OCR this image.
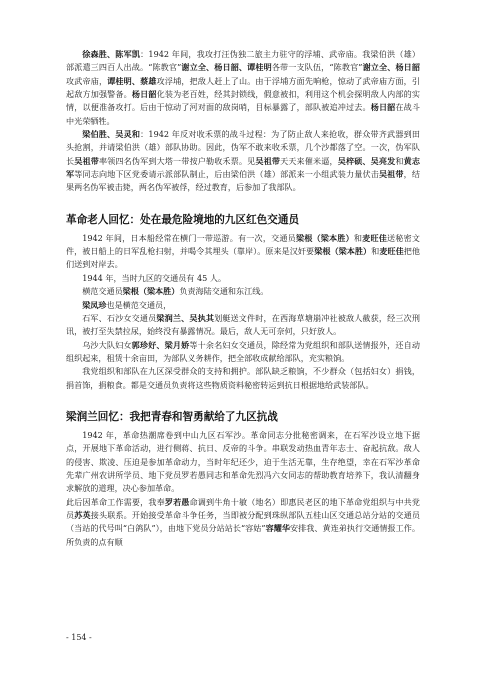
徐森胜、陈军凯：1942 年间，我攻打汪伪独二旅主力驻守的浮埔、武帝庙。我梁伯洪（雄）部派遣三四百人出战。“陈教官”谢立全、杨日韶、谭桂明各带一支队伍，“陈教官”谢立全、杨日韶攻武帝庙，谭桂明、蔡雄攻浮埔，把敌人赶上了山。由于浮埔方面先响枪，惊动了武帝庙方面，引起敌方加强警备。杨日韶化装为老百姓，经其封锁线，假意被扣，利用这个机会探明敌人内部的实情，以便准备攻打。后由于惊动了河对面的敌岗哨，目标暴露了，部队被追冲过去。杨日韶在战斗中光荣牺牲。

梁伯胜、吴灵和：1942 年反对收禾票的战斗过程：为了防止敌人来抢收，群众带齐武器到田头抢割，并请梁伯洪（雄）部队协助。因此，伪军不敢来收禾票，几个沙都落了空。一次，伪军队长吴祖带率领四名伪军到大塔一带按户勒收禾票。见吴祖带天天来催米逼，吴梓硕、吴亮发和黄志军等同志向地下区党委请示派部队制止，后由梁伯洪（雄）部派来一小组武装力量伏击吴祖带，结果两名伪军被击毙，两名伪军被俘，经过教育，后参加了我部队。

革命老人回忆：处在最危险境地的九区红色交通员

1942 年间，日本船经常在横门一带巡游。有一次，交通员梁根（梁本胜）和麦旺佳送秘密文件，被日船上的日军乱枪扫射，并喝令其埋头（靠岸）。原来是汉奸要梁根（梁本胜）和麦旺佳把他们送到对岸去。

1944 年，当时九区的交通员有 45 人。

横范交通员梁根（梁本胜）负责海陆交通和东江线。

梁凤珍也是横范交通员，

石军、石沙女交通员梁润兰、吴执其划艇送文件时，在西海草塘崩冲社被敌人截获，经三次刑讯，被打至失禁拉尿，始终没有暴露情况。最后，敌人无可奈何，只好放人。

乌沙大队妇女郭珍好、梁月娇等十余名妇女交通员，除经常为党组织和部队送情报外，还自动组织起来，租赁十余亩田，为部队义务耕作，把全部收成献给部队，充实粮饷。

我党组织和部队在九区深受群众的支持和拥护。部队缺乏粮饷，不少群众（包括妇女）捐钱，捐首饰，捐粮食。都是交通员负责将这些物质资料秘密转运到抗日根据地给武装部队。

梁润兰回忆：我把青春和智勇献给了九区抗战

1942 年，革命热潮席卷到中山九区石军沙。革命同志分批秘密调来，在石军沙设立地下据点，开展地下革命活动，进行侧蒋、抗日、反帝的斗争。串联发动热血青年志士、奋起抗敌。敌人的侵害、欺凌、压迫是参加革命动力，当时年纪还少，迫于生活无靠，生存绝望，幸在石军沙革命先辈广州农讲所学员、地下党员罗若愚同志和革命先烈冯六女同志的帮助教育培养下，我认清翻身求解放的道理，决心参加革命。

此后因革命工作需要，我奉罗若愚命调到牛角十敏（地名）即惠民老区的地下革命党组织与中共党员苏英接头联系。开始接受革命斗争任务，当即被分配到珠纵部队五桂山区交通总站分站的交通员（当站的代号叫“白鸽队”），由地下党员分站站长“容姑”容耀华安排我、黄连弟执行交通情报工作。所负责的点有顺

- 154 -
